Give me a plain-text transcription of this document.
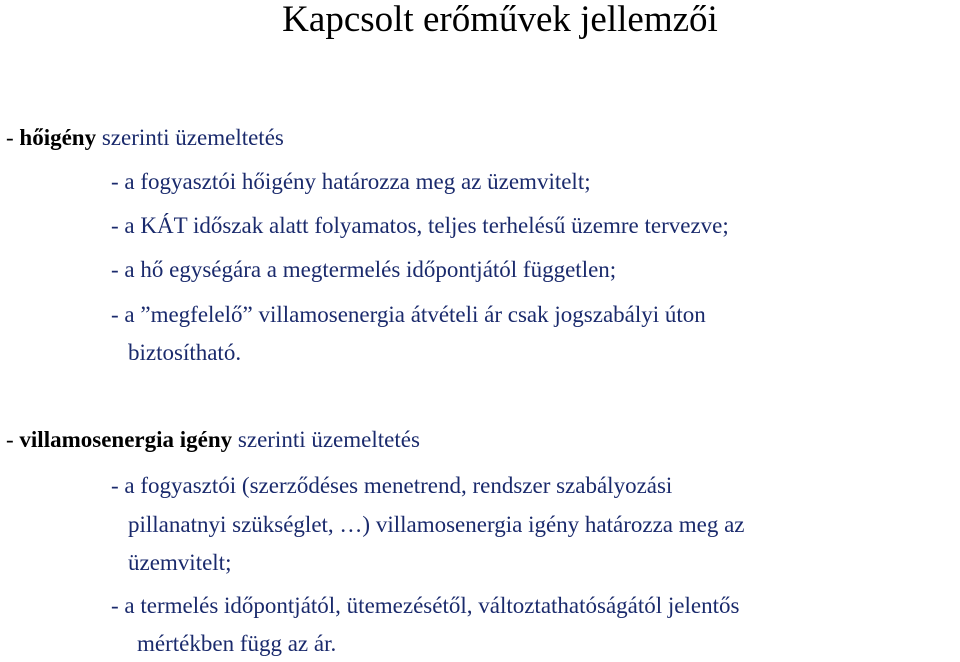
Kapcsolt erőművek jellemzői
- hőigény szerinti üzemeltetés
- a fogyasztói hőigény határozza meg az üzemvitelt;
- a KÁT időszak alatt folyamatos, teljes terhelésű üzemre tervezve;
- a hő egységára a megtermelés időpontjától független;
- a ”megfelelő” villamosenergia átvételi ár csak jogszabályi úton
biztosítható.
- villamosenergia igény szerinti üzemeltetés
- a fogyasztói (szerződéses menetrend, rendszer szabályozási
pillanatnyi szükséglet, …) villamosenergia igény határozza meg az
üzemvitelt;
- a termelés időpontjától, ütemezésétől, változtathatóságától jelentős
mértékben függ az ár.
